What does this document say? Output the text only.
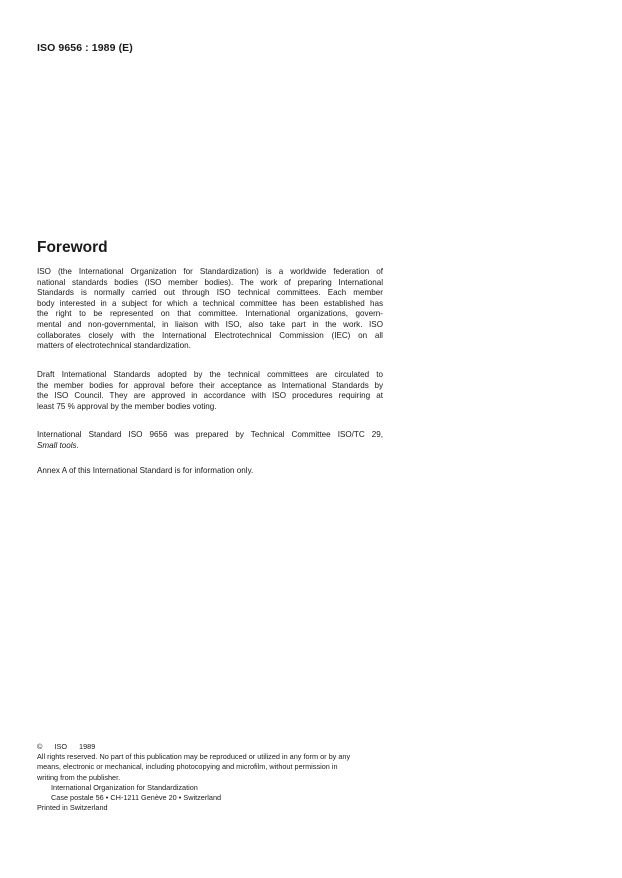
ISO 9656 : 1989 (E)
Foreword
ISO (the International Organization for Standardization) is a worldwide federation of
national standards bodies (ISO member bodies). The work of preparing International
Standards is normally carried out through ISO technical committees. Each member
body interested in a subject for which a technical committee has been established has
the right to be represented on that committee. International organizations, govern-
mental and non-governmental, in liaison with ISO, also take part in the work. ISO
collaborates closely with the International Electrotechnical Commission (IEC) on all
matters of electrotechnical standardization.
Draft International Standards adopted by the technical committees are circulated to
the member bodies for approval before their acceptance as International Standards by
the ISO Council. They are approved in accordance with ISO procedures requiring at
least 75 % approval by the member bodies voting.
International Standard ISO 9656 was prepared by Technical Committee ISO/TC 29,
Small tools.
Annex A of this International Standard is for information only.
© ISO 1989
All rights reserved. No part of this publication may be reproduced or utilized in any form or by any
means, electronic or mechanical, including photocopying and microfilm, without permission in
writing from the publisher.
International Organization for Standardization
Case postale 56 • CH-1211 Genève 20 • Switzerland
Printed in Switzerland
